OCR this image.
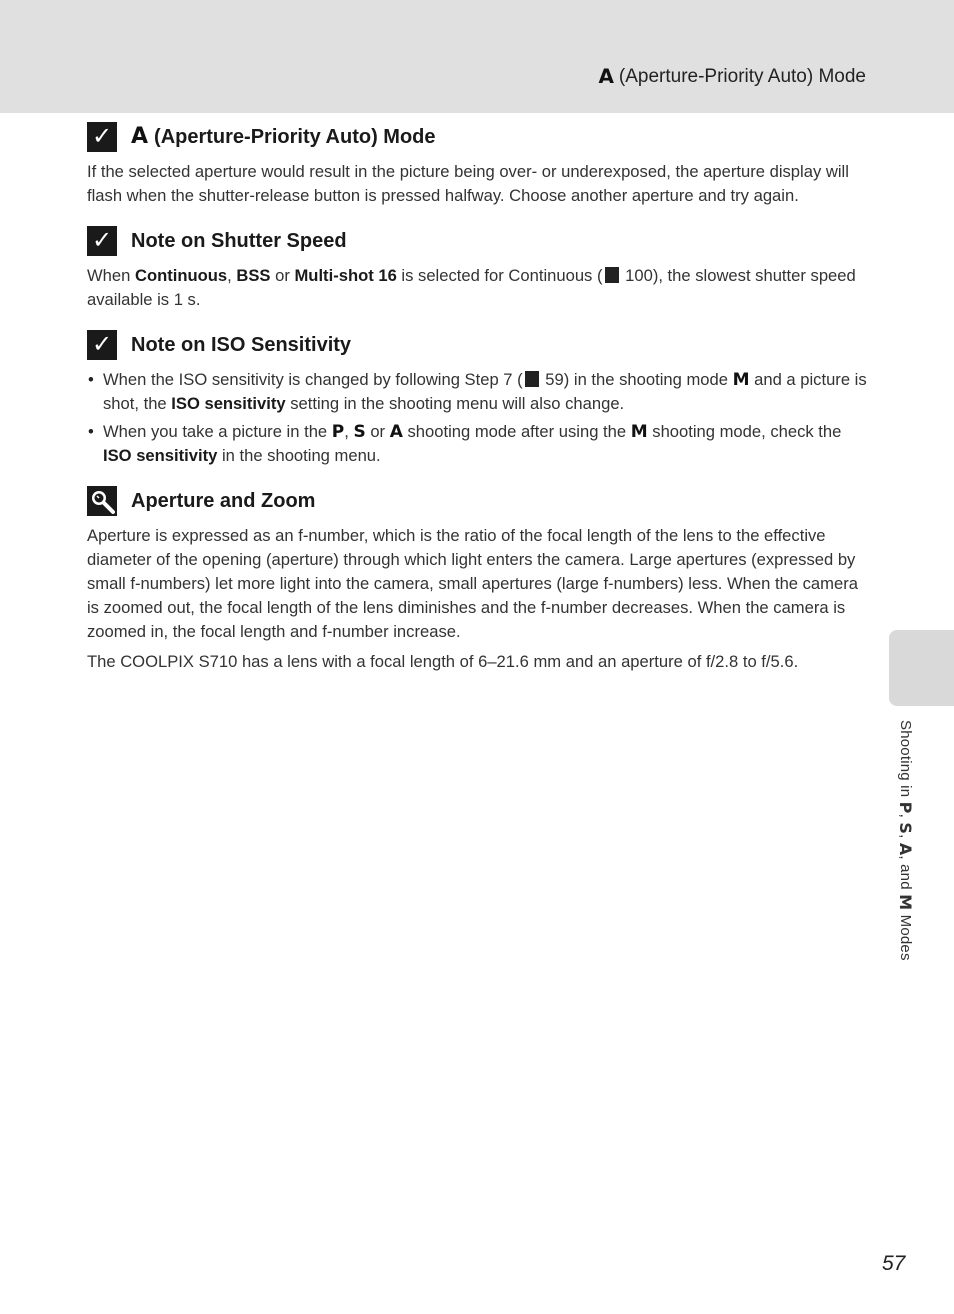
A (Aperture-Priority Auto) Mode
Shooting in P, S, A, and M Modes
✓ A (Aperture-Priority Auto) Mode

If the selected aperture would result in the picture being over- or underexposed, the aperture display will flash when the shutter-release button is pressed halfway. Choose another aperture and try again.

✓ Note on Shutter Speed

When Continuous, BSS or Multi-shot 16 is selected for Continuous ( 100), the slowest shutter speed available is 1 s.

✓ Note on ISO Sensitivity
• When the ISO sensitivity is changed by following Step 7 ( 59) in the shooting mode M and a picture is shot, the ISO sensitivity setting in the shooting menu will also change.
• When you take a picture in the P, S or A shooting mode after using the M shooting mode, check the ISO sensitivity in the shooting menu.
Aperture and Zoom

Aperture is expressed as an f-number, which is the ratio of the focal length of the lens to the effective diameter of the opening (aperture) through which light enters the camera. Large apertures (expressed by small f-numbers) let more light into the camera, small apertures (large f-numbers) less. When the camera is zoomed out, the focal length of the lens diminishes and the f-number decreases. When the camera is zoomed in, the focal length and f-number increase.

The COOLPIX S710 has a lens with a focal length of 6–21.6 mm and an aperture of f/2.8 to f/5.6.

57
